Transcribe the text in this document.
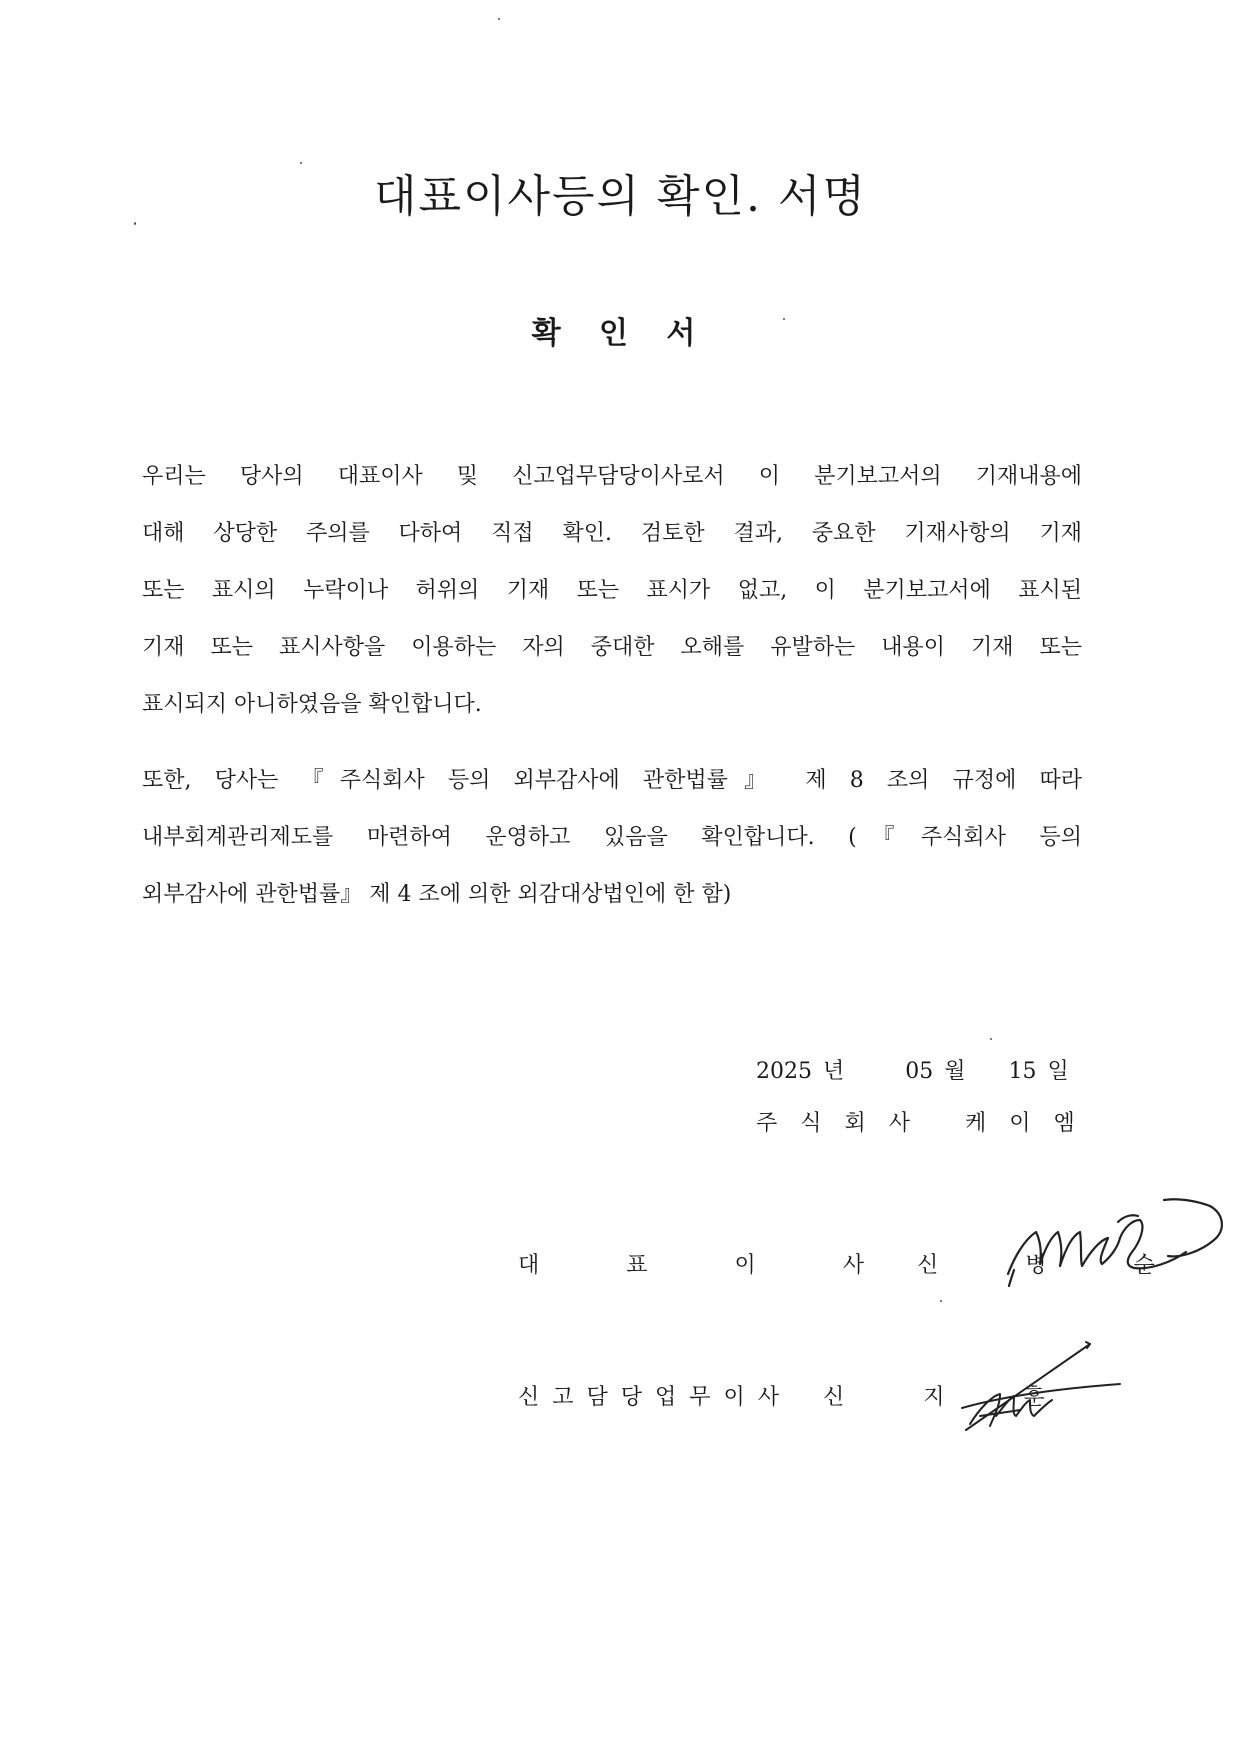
대표이사등의 확인. 서명
확 인 서
우리는 당사의 대표이사 및 신고업무담당이사로서 이 분기보고서의 기재내용에
대해 상당한 주의를 다하여 직접 확인. 검토한 결과, 중요한 기재사항의 기재
또는 표시의 누락이나 허위의 기재 또는 표시가 없고, 이 분기보고서에 표시된
기재 또는 표시사항을 이용하는 자의 중대한 오해를 유발하는 내용이 기재 또는
표시되지 아니하였음을 확인합니다.
또한, 당사는 『주식회사 등의 외부감사에 관한법률』 제 8 조의 규정에 따라
내부회계관리제도를 마련하여 운영하고 있음을 확인합니다. (『주식회사 등의
외부감사에 관한법률』 제 4 조에 의한 외감대상법인에 한 함)
2025 년	05 월 15 일
주 식 회 사 케 이 엠
대 표 이 사 신 병 순
신고담당업무이사 신 지 훈
